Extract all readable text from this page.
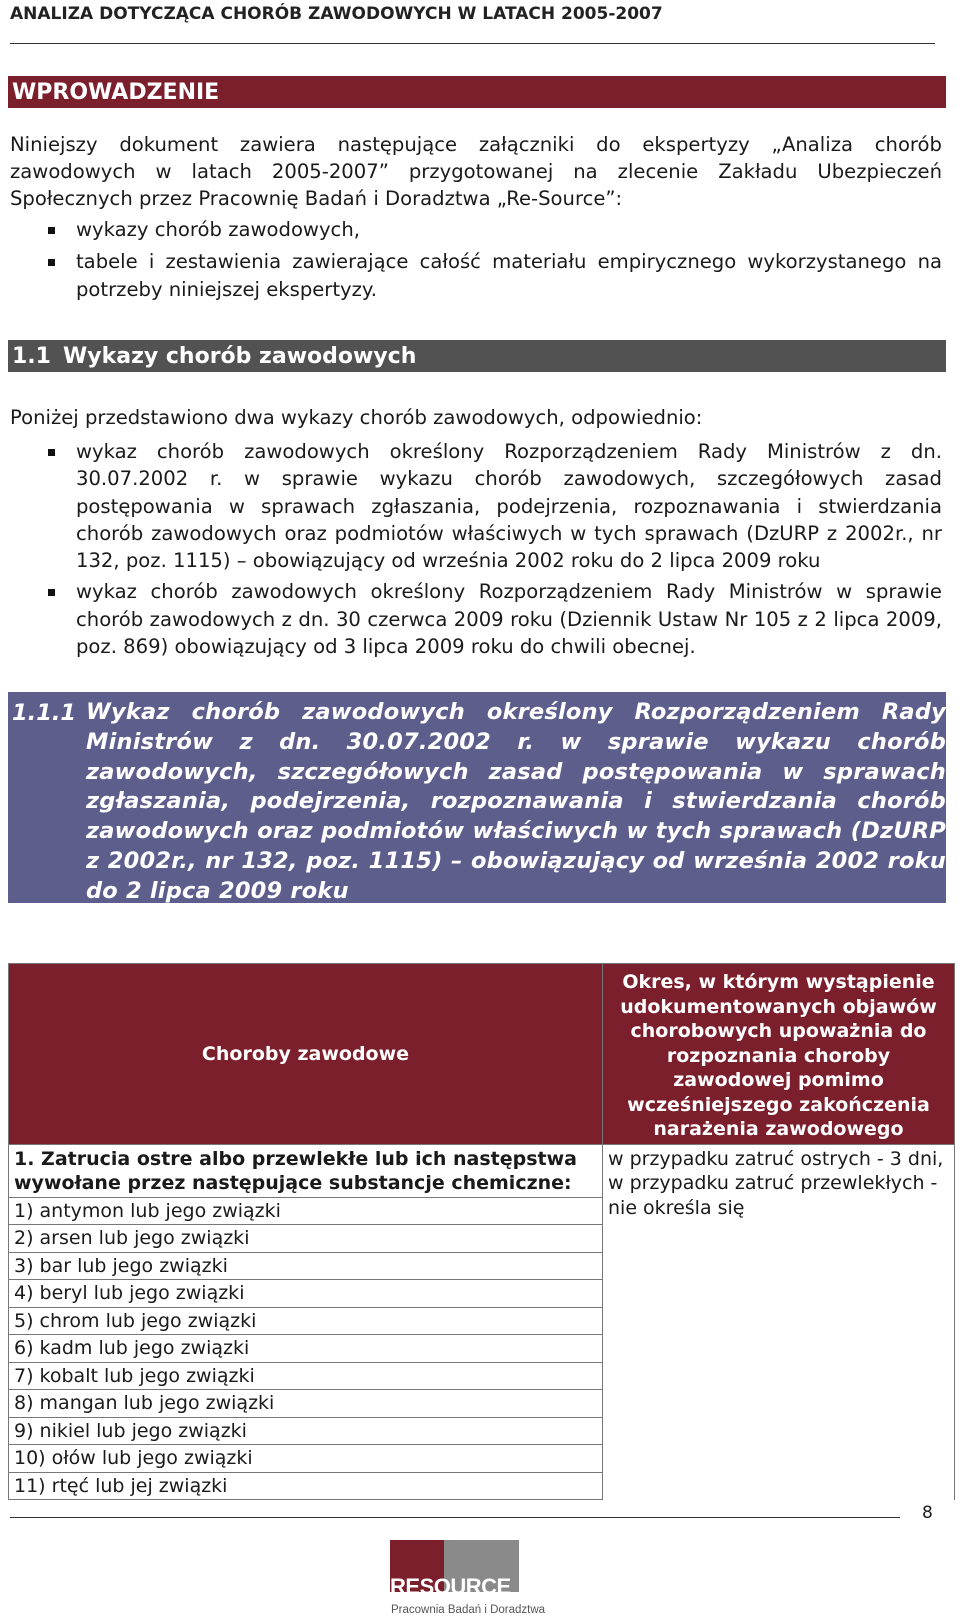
ANALIZA DOTYCZĄCA CHORÓB ZAWODOWYCH W LATACH 2005-2007
WPROWADZENIE
Niniejszy dokument zawiera następujące załączniki do ekspertyzy „Analiza chorób zawodowych w latach 2005-2007” przygotowanej na zlecenie Zakładu Ubezpieczeń Społecznych przez Pracownię Badań i Doradztwa „Re-Source”:
wykazy chorób zawodowych,
tabele i zestawienia zawierające całość materiału empirycznego wykorzystanego na potrzeby niniejszej ekspertyzy.
1.1 Wykazy chorób zawodowych
Poniżej przedstawiono dwa wykazy chorób zawodowych, odpowiednio:
wykaz chorób zawodowych określony Rozporządzeniem Rady Ministrów z dn. 30.07.2002 r. w sprawie wykazu chorób zawodowych, szczegółowych zasad postępowania w sprawach zgłaszania, podejrzenia, rozpoznawania i stwierdzania chorób zawodowych oraz podmiotów właściwych w tych sprawach (DzURP z 2002r., nr 132, poz. 1115) – obowiązujący od września 2002 roku do 2 lipca 2009 roku
wykaz chorób zawodowych określony Rozporządzeniem Rady Ministrów w sprawie chorób zawodowych z dn. 30 czerwca 2009 roku (Dziennik Ustaw Nr 105 z 2 lipca 2009, poz. 869) obowiązujący od 3 lipca 2009 roku do chwili obecnej.
1.1.1 Wykaz chorób zawodowych określony Rozporządzeniem Rady Ministrów z dn. 30.07.2002 r. w sprawie wykazu chorób zawodowych, szczegółowych zasad postępowania w sprawach zgłaszania, podejrzenia, rozpoznawania i stwierdzania chorób zawodowych oraz podmiotów właściwych w tych sprawach (DzURP z 2002r., nr 132, poz. 1115) – obowiązujący od września 2002 roku do 2 lipca 2009 roku
Choroby zawodowe	Okres, w którym wystąpienie udokumentowanych objawów chorobowych upoważnia do rozpoznania choroby zawodowej pomimo wcześniejszego zakończenia narażenia zawodowego
1. Zatrucia ostre albo przewlekłe lub ich następstwa wywołane przez następujące substancje chemiczne:	w przypadku zatruć ostrych - 3 dni, w przypadku zatruć przewlekłych - nie określa się
1) antymon lub jego związki	
2) arsen lub jego związki	
3) bar lub jego związki	
4) beryl lub jego związki	
5) chrom lub jego związki	
6) kadm lub jego związki	
7) kobalt lub jego związki	
8) mangan lub jego związki	
9) nikiel lub jego związki	
10) ołów lub jego związki	
11) rtęć lub jej związki	
8
RESOURCE
Pracownia Badań i Doradztwa
